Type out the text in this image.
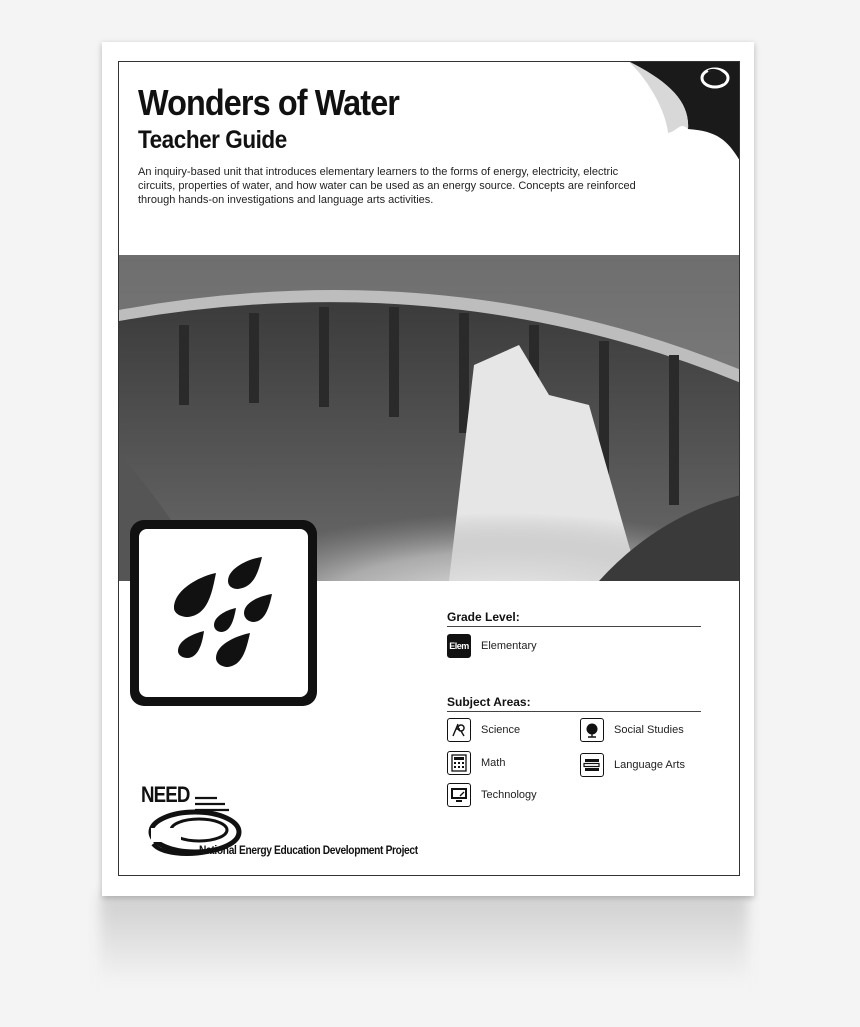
Wonders of Water
Teacher Guide
An inquiry-based unit that introduces elementary learners to the forms of energy, electricity, electric circuits, properties of water, and how water can be used as an energy source. Concepts are reinforced through hands-on investigations and language arts activities.
Grade Level:
Elem Elementary
Subject Areas:
Science	Social Studies
Math	Language Arts
Technology
NEED
National Energy Education Development Project
